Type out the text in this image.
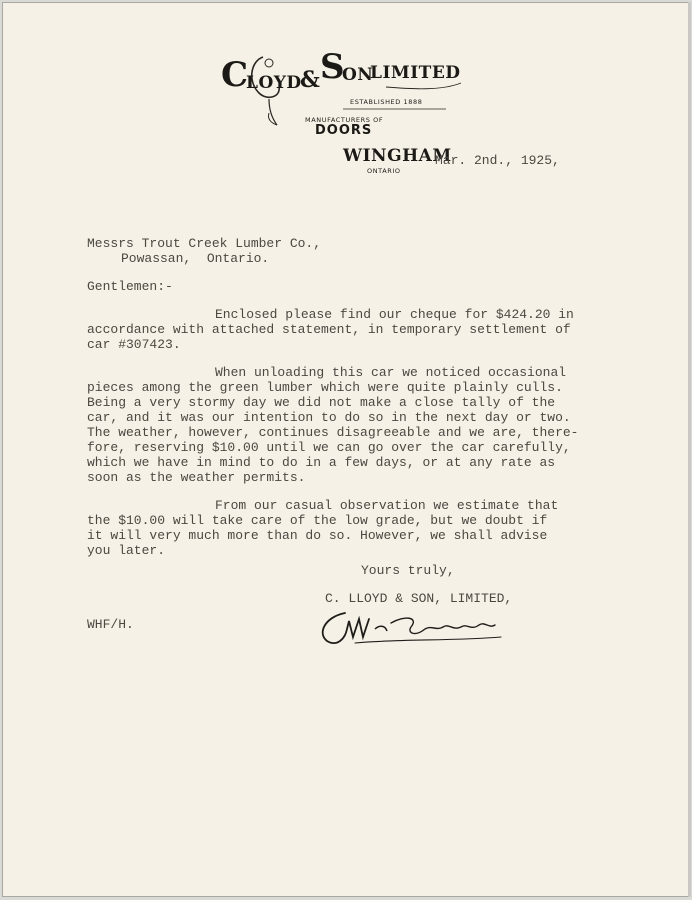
C
LOYD
& S
ON
LIMITED
ESTABLISHED 1888
MANUFACTURERS OF
DOORS
WINGHAM
ONTARIO

Mar. 2nd., 1925,

Messrs Trout Creek Lumber Co.,

Powassan,  Ontario.

Gentlemen:-

Enclosed please find our cheque for $424.20 in

accordance with attached statement, in temporary settlement of

car #307423.

When unloading this car we noticed occasional

pieces among the green lumber which were quite plainly culls.

Being a very stormy day we did not make a close tally of the

car, and it was our intention to do so in the next day or two.

The weather, however, continues disagreeable and we are, there-

fore, reserving $10.00 until we can go over the car carefully,

which we have in mind to do in a few days, or at any rate as

soon as the weather permits.

From our casual observation we estimate that

the $10.00 will take care of the low grade, but we doubt if

it will very much more than do so. However, we shall advise

you later.

Yours truly,

C. LLOYD & SON, LIMITED,

WHF/H.
